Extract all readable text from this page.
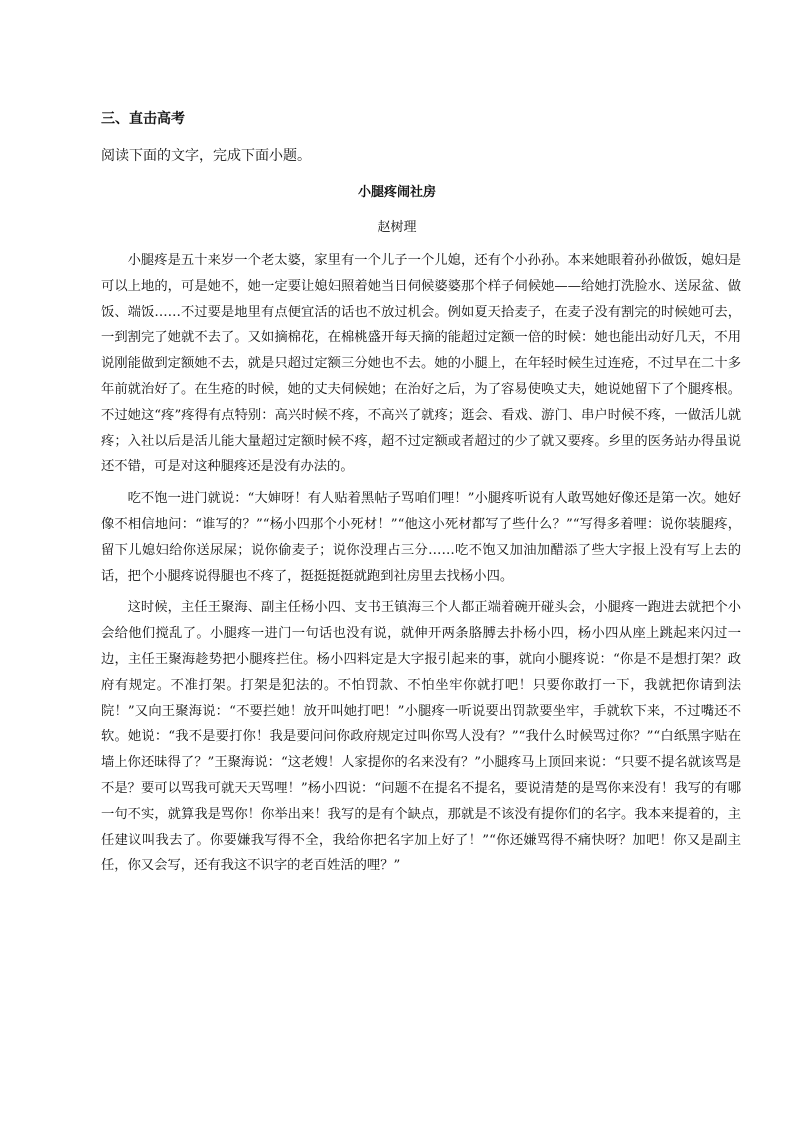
三、直击高考
阅读下面的文字，完成下面小题。
小腿疼闹社房
赵树理

小腿疼是五十来岁一个老太婆，家里有一个儿子一个儿媳，还有个小孙孙。本来她眼着孙孙做饭，媳妇是可以上地的，可是她不，她一定要让媳妇照着她当日伺候婆婆那个样子伺候她——给她打洗脸水、送尿盆、做饭、端饭……不过要是地里有点便宜活的话也不放过机会。例如夏天拾麦子，在麦子没有割完的时候她可去，一到割完了她就不去了。又如摘棉花，在棉桃盛开每天摘的能超过定额一倍的时候：她也能出动好几天，不用说刚能做到定额她不去，就是只超过定额三分她也不去。她的小腿上，在年轻时候生过连疮，不过早在二十多年前就治好了。在生疮的时候，她的丈夫伺候她；在治好之后，为了容易使唤丈夫，她说她留下了个腿疼根。不过她这“疼”疼得有点特别：高兴时候不疼，不高兴了就疼；逛会、看戏、游门、串户时候不疼，一做活儿就疼；入社以后是活儿能大量超过定额时候不疼，超不过定额或者超过的少了就又要疼。乡里的医务站办得虽说还不错，可是对这种腿疼还是没有办法的。

吃不饱一进门就说：“大婶呀！有人贴着黑帖子骂咱们哩！”小腿疼听说有人敢骂她好像还是第一次。她好像不相信地问：“谁写的？”“杨小四那个小死材！”“他这小死材都写了些什么？”“写得多着哩：说你装腿疼，留下儿媳妇给你送尿屎；说你偷麦子；说你没理占三分……吃不饱又加油加醋添了些大字报上没有写上去的话，把个小腿疼说得腿也不疼了，挺挺挺挺就跑到社房里去找杨小四。

这时候，主任王聚海、副主任杨小四、支书王镇海三个人都正端着碗开碰头会，小腿疼一跑进去就把个小会给他们搅乱了。小腿疼一进门一句话也没有说，就伸开两条胳膊去扑杨小四，杨小四从座上跳起来闪过一边，主任王聚海趁势把小腿疼拦住。杨小四料定是大字报引起来的事，就向小腿疼说：“你是不是想打架？政府有规定。不准打架。打架是犯法的。不怕罚款、不怕坐牢你就打吧！只要你敢打一下，我就把你请到法院！”又向王聚海说：“不要拦她！放开叫她打吧！”小腿疼一听说要出罚款要坐牢，手就软下来，不过嘴还不软。她说：“我不是要打你！我是要问问你政府规定过叫你骂人没有？”“我什么时候骂过你？”“白纸黑字贴在墙上你还昧得了？”王聚海说：“这老嫂！人家提你的名来没有？”小腿疼马上顶回来说：“只要不提名就该骂是不是？要可以骂我可就天天骂哩！”杨小四说：“问题不在提名不提名，要说清楚的是骂你来没有！我写的有哪一句不实，就算我是骂你！你举出来！我写的是有个缺点，那就是不该没有提你们的名字。我本来提着的，主任建议叫我去了。你要嫌我写得不全，我给你把名字加上好了！”“你还嫌骂得不痛快呀？加吧！你又是副主任，你又会写，还有我这不识字的老百姓活的哩？”
